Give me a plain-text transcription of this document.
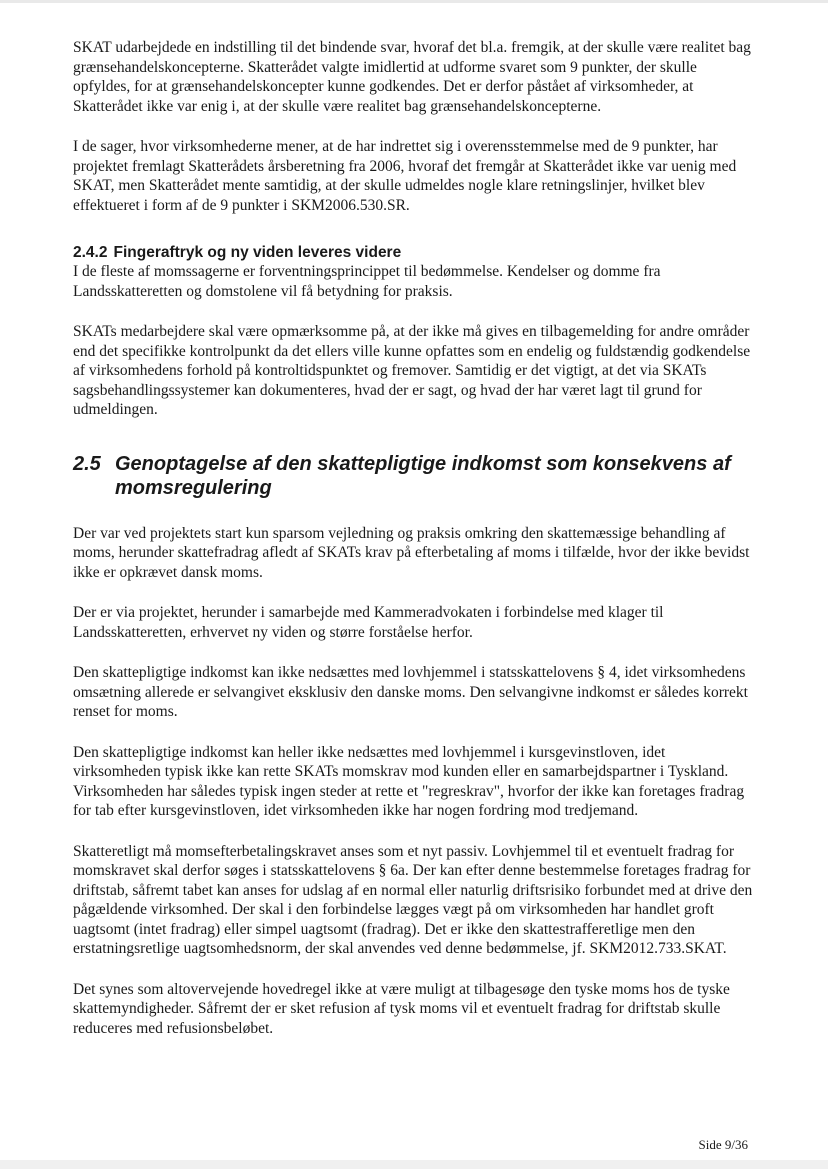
SKAT udarbejdede en indstilling til det bindende svar, hvoraf det bl.a. fremgik, at der skulle være realitet bag grænsehandelskoncepterne. Skatterådet valgte imidlertid at udforme svaret som 9 punkter, der skulle opfyldes, for at grænsehandelskoncepter kunne godkendes. Det er derfor påstået af virksomheder, at Skatterådet ikke var enig i, at der skulle være realitet bag grænsehandelskoncepterne.

I de sager, hvor virksomhederne mener, at de har indrettet sig i overensstemmelse med de 9 punkter, har projektet fremlagt Skatterådets årsberetning fra 2006, hvoraf det fremgår at Skatterådet ikke var uenig med SKAT, men Skatterådet mente samtidig, at der skulle udmeldes nogle klare retningslinjer, hvilket blev effektueret i form af de 9 punkter i SKM2006.530.SR.

2.4.2 Fingeraftryk og ny viden leveres videre

I de fleste af momssagerne er forventningsprincippet til bedømmelse. Kendelser og domme fra Landsskatteretten og domstolene vil få betydning for praksis.

SKATs medarbejdere skal være opmærksomme på, at der ikke må gives en tilbagemelding for andre områder end det specifikke kontrolpunkt da det ellers ville kunne opfattes som en endelig og fuldstændig godkendelse af virksomhedens forhold på kontroltidspunktet og fremover. Samtidig er det vigtigt, at det via SKATs sagsbehandlingssystemer kan dokumenteres, hvad der er sagt, og hvad der har været lagt til grund for udmeldingen.

2.5 Genoptagelse af den skattepligtige indkomst som konsekvens af momsregulering

Der var ved projektets start kun sparsom vejledning og praksis omkring den skattemæssige behandling af moms, herunder skattefradrag afledt af SKATs krav på efterbetaling af moms i tilfælde, hvor der ikke bevidst ikke er opkrævet dansk moms.

Der er via projektet, herunder i samarbejde med Kammeradvokaten i forbindelse med klager til Landsskatteretten, erhvervet ny viden og større forståelse herfor.

Den skattepligtige indkomst kan ikke nedsættes med lovhjemmel i statsskattelovens § 4, idet virksomhedens omsætning allerede er selvangivet eksklusiv den danske moms. Den selvangivne indkomst er således korrekt renset for moms.

Den skattepligtige indkomst kan heller ikke nedsættes med lovhjemmel i kursgevinstloven, idet virksomheden typisk ikke kan rette SKATs momskrav mod kunden eller en samarbejdspartner i Tyskland. Virksomheden har således typisk ingen steder at rette et "regreskrav", hvorfor der ikke kan foretages fradrag for tab efter kursgevinstloven, idet virksomheden ikke har nogen fordring mod tredjemand.

Skatteretligt må momsefterbetalingskravet anses som et nyt passiv. Lovhjemmel til et eventuelt fradrag for momskravet skal derfor søges i statsskattelovens § 6a. Der kan efter denne bestemmelse foretages fradrag for driftstab, såfremt tabet kan anses for udslag af en normal eller naturlig driftsrisiko forbundet med at drive den pågældende virksomhed. Der skal i den forbindelse lægges vægt på om virksomheden har handlet groft uagtsomt (intet fradrag) eller simpel uagtsomt (fradrag). Det er ikke den skattestrafferetlige men den erstatningsretlige uagtsomhedsnorm, der skal anvendes ved denne bedømmelse, jf. SKM2012.733.SKAT.

Det synes som altovervejende hovedregel ikke at være muligt at tilbagesøge den tyske moms hos de tyske skattemyndigheder. Såfremt der er sket refusion af tysk moms vil et eventuelt fradrag for driftstab skulle reduceres med refusionsbeløbet.

Side 9/36
